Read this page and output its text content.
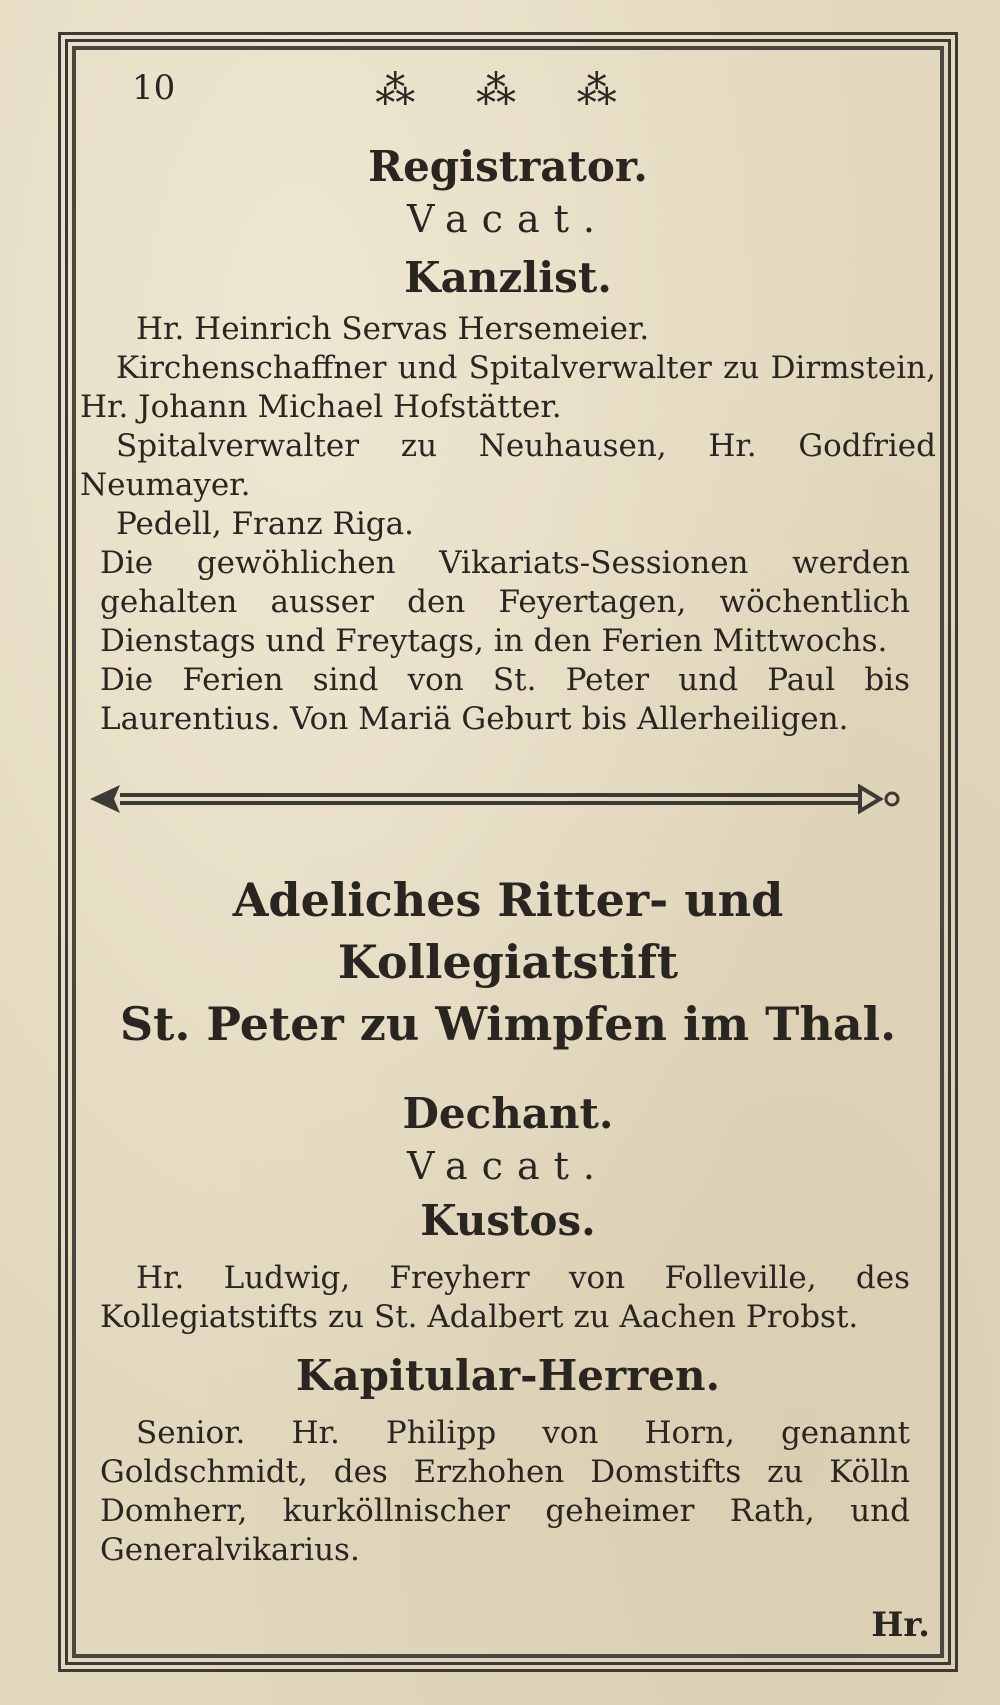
10	⁂ ⁂ ⁂
Registrator.
Vacat.
Kanzlist.

Hr. Heinrich Servas Hersemeier.

Kirchenschaffner und Spitalverwalter zu Dirmstein, Hr. Johann Michael Hofstätter.

Spitalverwalter zu Neuhausen, Hr. Godfried Neumayer.

Pedell, Franz Riga.

Die gewöhlichen Vikariats-Sessionen werden gehalten ausser den Feyertagen, wöchentlich Dienstags und Freytags, in den Ferien Mittwochs.

Die Ferien sind von St. Peter und Paul bis Laurentius. Von Mariä Geburt bis Allerheiligen.

Adeliches Ritter- und Kollegiatstift
St. Peter zu Wimpfen im Thal.
Dechant.
Vacat.
Kustos.

Hr. Ludwig, Freyherr von Folleville, des Kollegiatstifts zu St. Adalbert zu Aachen Probst.

Kapitular-Herren.

Senior. Hr. Philipp von Horn, genannt Goldschmidt, des Erzhohen Domstifts zu Kölln Domherr, kurköllnischer geheimer Rath, und Generalvikarius.

Hr.
